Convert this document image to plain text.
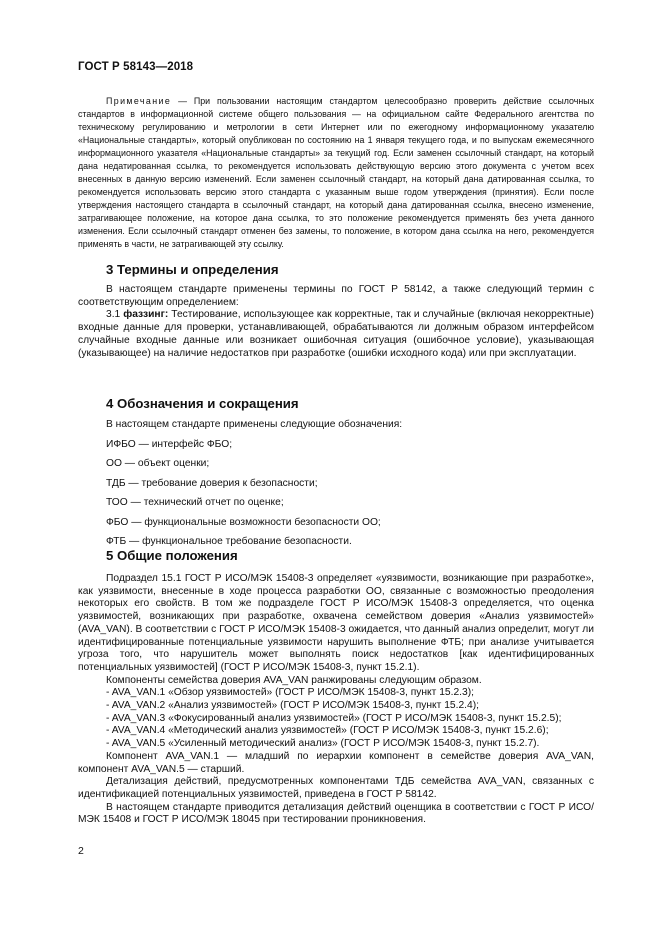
ГОСТ Р 58143—2018
Примечание — При пользовании настоящим стандартом целесообразно проверить действие ссылочных стандартов в информационной системе общего пользования — на официальном сайте Федерального агентства по техническому регулированию и метрологии в сети Интернет или по ежегодному информационному указателю «Национальные стандарты», который опубликован по состоянию на 1 января текущего года, и по выпускам ежемесячного информационного указателя «Национальные стандарты» за текущий год. Если заменен ссылочный стандарт, на который дана недатированная ссылка, то рекомендуется использовать действующую версию этого документа с учетом всех внесенных в данную версию изменений. Если заменен ссылочный стандарт, на который дана датированная ссылка, то рекомендуется использовать версию этого стандарта с указанным выше годом утверждения (принятия). Если после утверждения настоящего стандарта в ссылочный стандарт, на который дана датированная ссылка, внесено изменение, затрагивающее положение, на которое дана ссылка, то это положение рекомендуется применять без учета данного изменения. Если ссылочный стандарт отменен без замены, то положение, в котором дана ссылка на него, рекомендуется применять в части, не затрагивающей эту ссылку.
3 Термины и определения

В настоящем стандарте применены термины по ГОСТ Р 58142, а также следующий термин с соответствующим определением:

3.1 фаззинг: Тестирование, использующее как корректные, так и случайные (включая некорректные) входные данные для проверки, устанавливающей, обрабатываются ли должным образом интерфейсом случайные входные данные или возникает ошибочная ситуация (ошибочное условие), указывающая (указывающее) на наличие недостатков при разработке (ошибки исходного кода) или при эксплуатации.

4 Обозначения и сокращения
В настоящем стандарте применены следующие обозначения:
ИФБО — интерфейс ФБО;
ОО — объект оценки;
ТДБ — требование доверия к безопасности;
ТОО — технический отчет по оценке;
ФБО — функциональные возможности безопасности ОО;
ФТБ — функциональное требование безопасности.
5 Общие положения

Подраздел 15.1 ГОСТ Р ИСО/МЭК 15408-3 определяет «уязвимости, возникающие при разработке», как уязвимости, внесенные в ходе процесса разработки ОО, связанные с возможностью преодоления некоторых его свойств. В том же подразделе ГОСТ Р ИСО/МЭК 15408-3 определяется, что оценка уязвимостей, возникающих при разработке, охвачена семейством доверия «Анализ уязвимостей» (AVA_VAN). В соответствии с ГОСТ Р ИСО/МЭК 15408-3 ожидается, что данный анализ определит, могут ли идентифицированные потенциальные уязвимости нарушить выполнение ФТБ; при анализе учитывается угроза того, что нарушитель может выполнять поиск недостатков [как идентифицированных потенциальных уязвимостей] (ГОСТ Р ИСО/МЭК 15408-3, пункт 15.2.1).

Компоненты семейства доверия AVA_VAN ранжированы следующим образом.

- AVA_VAN.1 «Обзор уязвимостей» (ГОСТ Р ИСО/МЭК 15408-3, пункт 15.2.3);
- AVA_VAN.2 «Анализ уязвимостей» (ГОСТ Р ИСО/МЭК 15408-3, пункт 15.2.4);
- AVA_VAN.3 «Фокусированный анализ уязвимостей» (ГОСТ Р ИСО/МЭК 15408-3, пункт 15.2.5);
- AVA_VAN.4 «Методический анализ уязвимостей» (ГОСТ Р ИСО/МЭК 15408-3, пункт 15.2.6);
- AVA_VAN.5 «Усиленный методический анализ» (ГОСТ Р ИСО/МЭК 15408-3, пункт 15.2.7).

Компонент AVA_VAN.1 — младший по иерархии компонент в семействе доверия AVA_VAN, компонент AVA_VAN.5 — старший.

Детализация действий, предусмотренных компонентами ТДБ семейства AVA_VAN, связанных с идентификацией потенциальных уязвимостей, приведена в ГОСТ Р 58142.

В настоящем стандарте приводится детализация действий оценщика в соответствии с ГОСТ Р ИСО/МЭК 15408 и ГОСТ Р ИСО/МЭК 18045 при тестировании проникновения.

2
